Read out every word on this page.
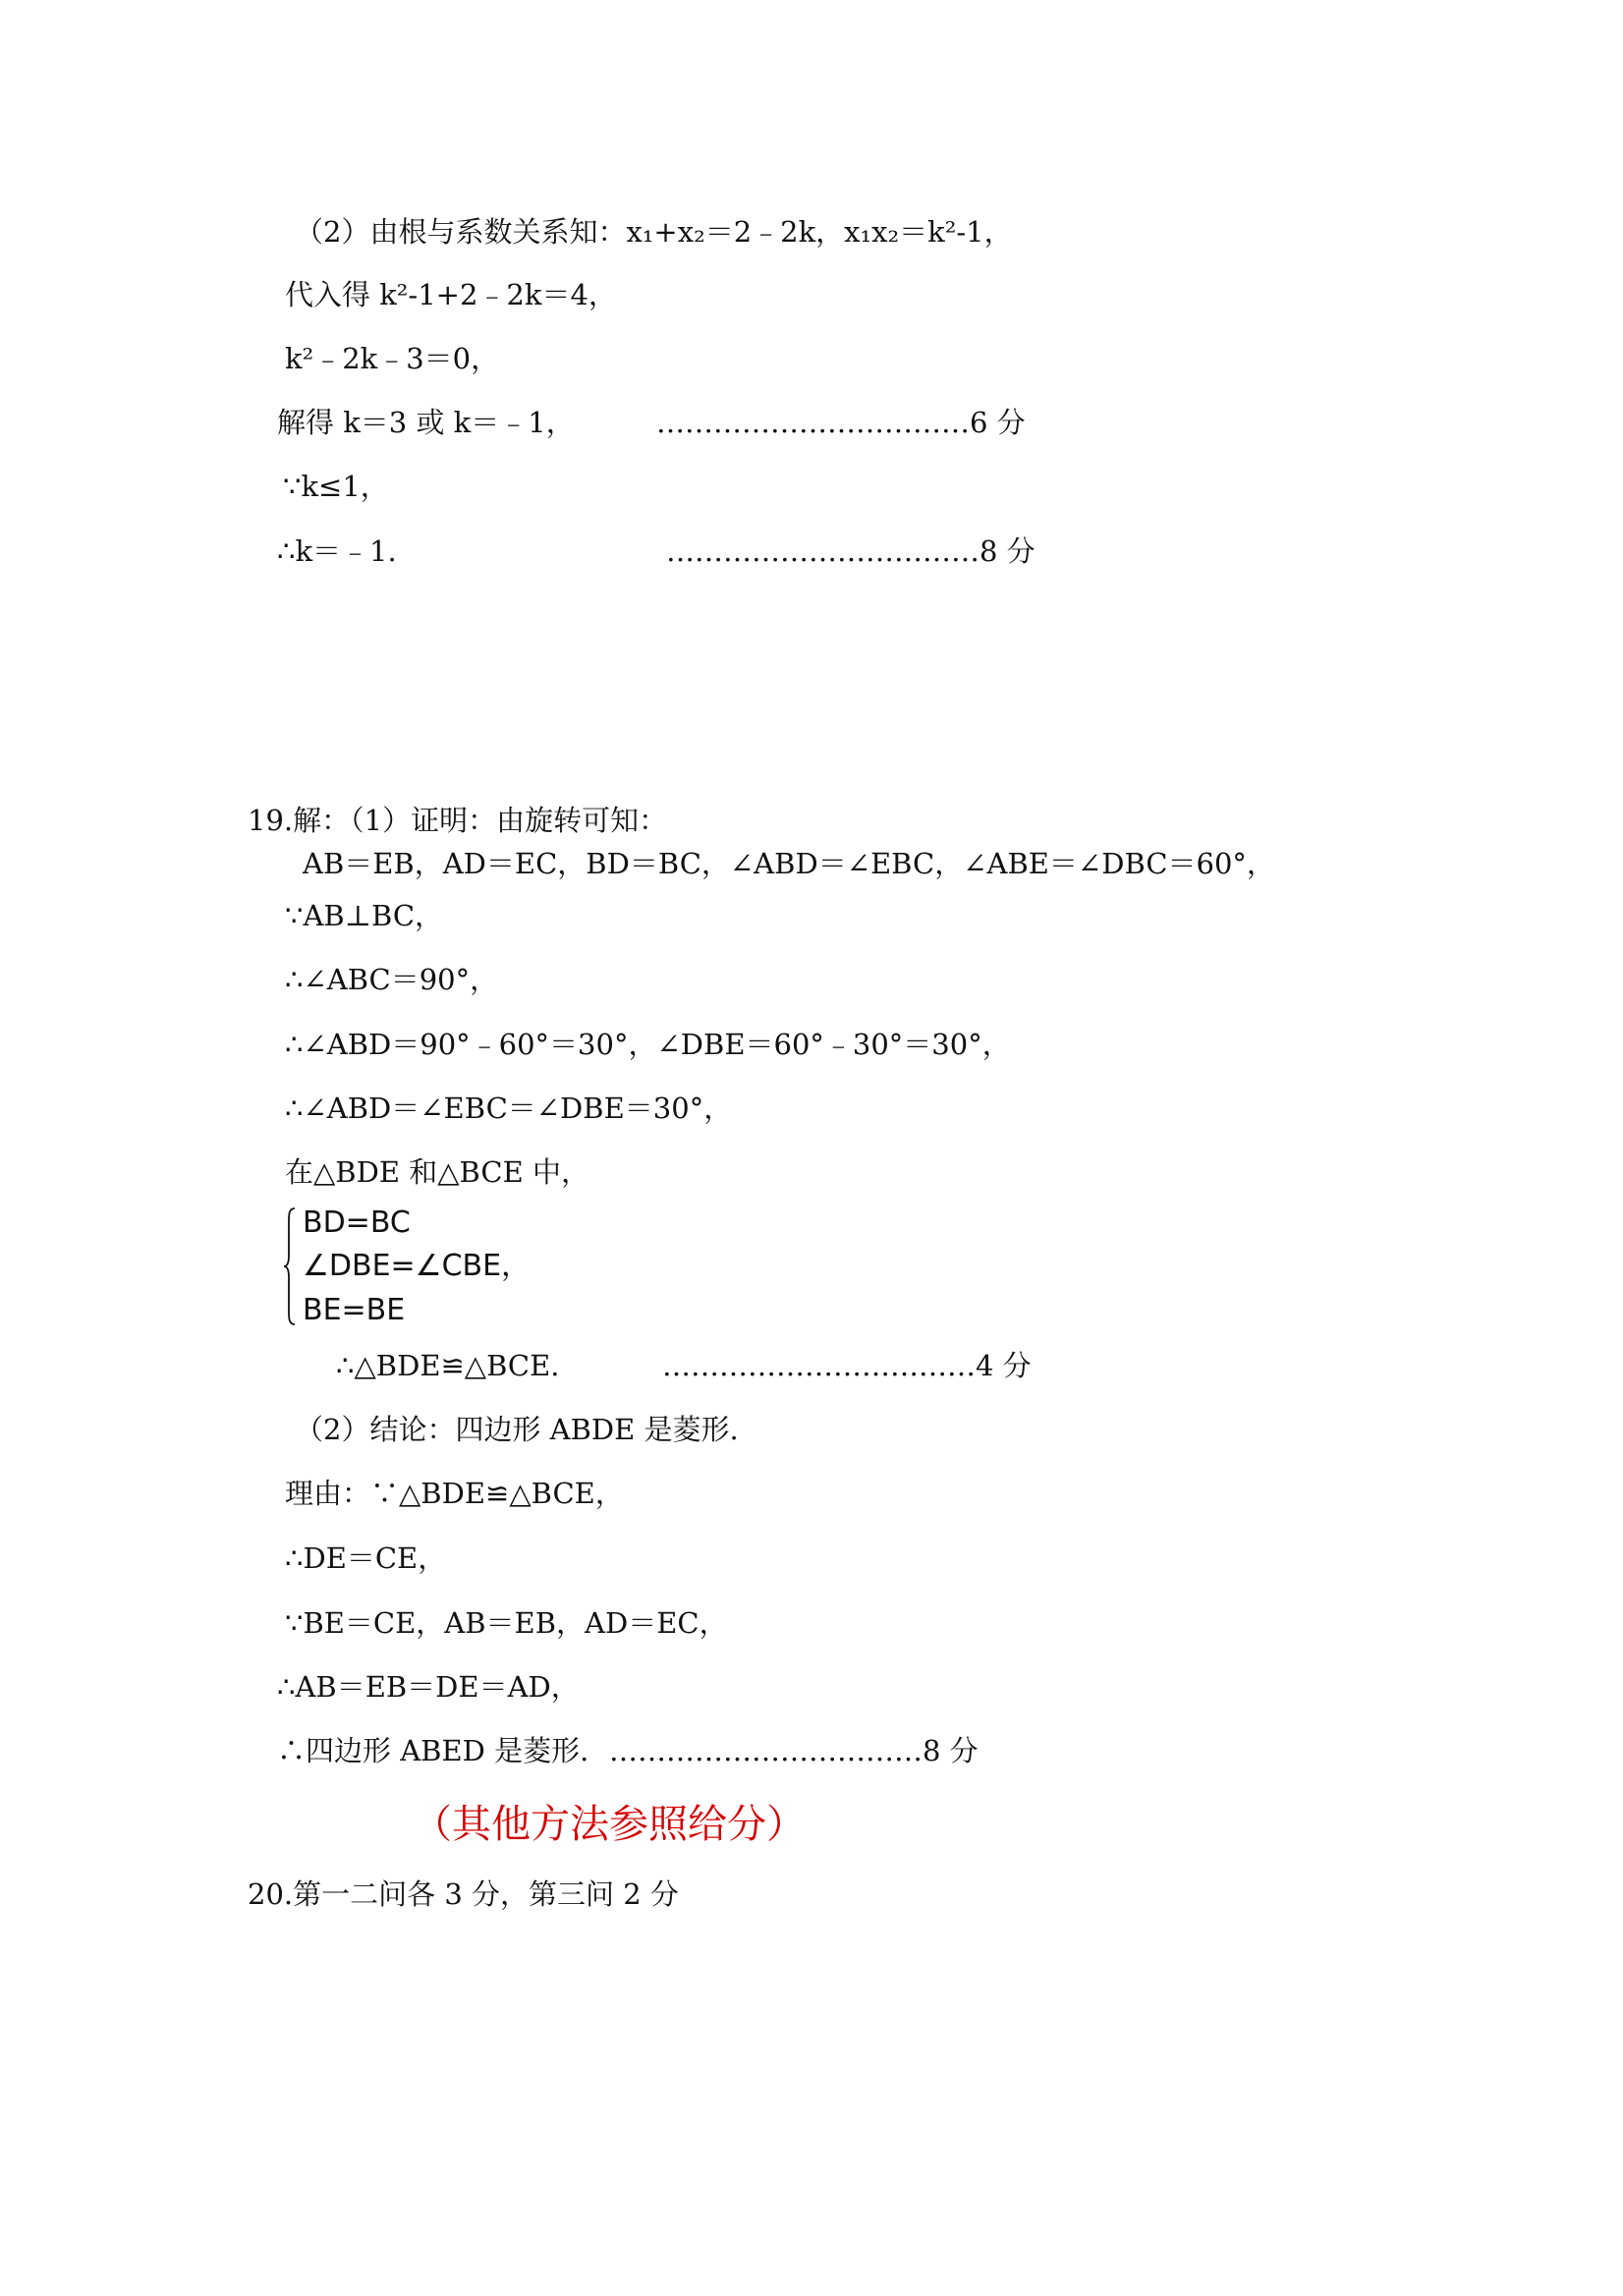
（2）由根与系数关系知：x₁+x₂＝2﹣2k，x₁x₂＝k²-1，
代入得 k²-1+2﹣2k＝4，
k²﹣2k﹣3＝0，
解得 k＝3 或 k＝﹣1，	……………………………6 分
∵k≤1，
∴k＝﹣1.	……………………………8 分
19.解：（1）证明：由旋转可知：
AB＝EB，AD＝EC，BD＝BC，∠ABD＝∠EBC，∠ABE＝∠DBC＝60°，
∵AB⊥BC，
∴∠ABC＝90°，
∴∠ABD＝90°﹣60°＝30°，∠DBE＝60°﹣30°＝30°，
∴∠ABD＝∠EBC＝∠DBE＝30°，
在△BDE 和△BCE 中，
BD=BC
∠DBE=∠CBE，
BE=BE
∴△BDE≌△BCE.	……………………………4 分
（2）结论：四边形 ABDE 是菱形.
理由：∵△BDE≌△BCE，
∴DE＝CE，
∵BE＝CE，AB＝EB，AD＝EC，
∴AB＝EB＝DE＝AD，
∴四边形 ABED 是菱形. ……………………………8 分
（其他方法参照给分）
20.第一二问各 3 分，第三问 2 分
